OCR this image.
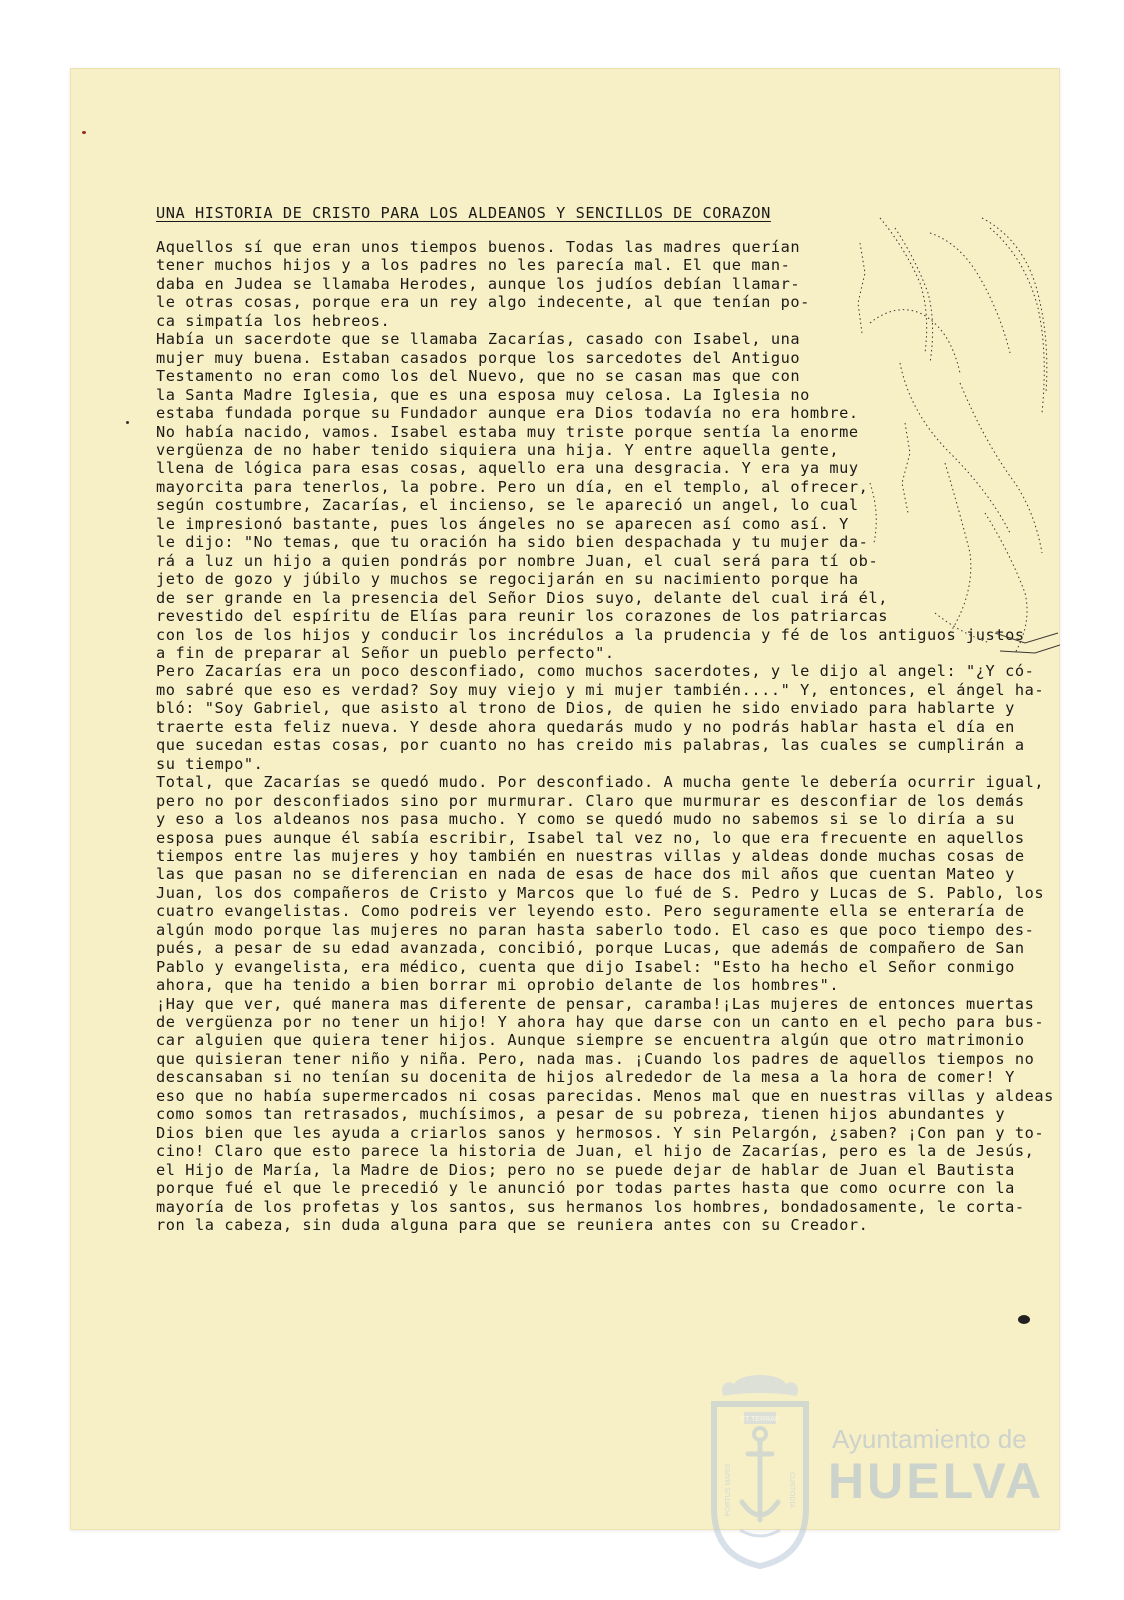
UNA HISTORIA DE CRISTO PARA LOS ALDEANOS Y SENCILLOS DE CORAZON
Aquellos sí que eran unos tiempos buenos. Todas las madres querían
tener muchos hijos y a los padres no les parecía mal. El que man-
daba en Judea se llamaba Herodes, aunque los judíos debían llamar-
le otras cosas, porque era un rey algo indecente, al que tenían po-
ca simpatía los hebreos.
Había un sacerdote que se llamaba Zacarías, casado con Isabel, una
mujer muy buena. Estaban casados porque los sarcedotes del Antiguo
Testamento no eran como los del Nuevo, que no se casan mas que con
la Santa Madre Iglesia, que es una esposa muy celosa. La Iglesia no
estaba fundada porque su Fundador aunque era Dios todavía no era hombre.
No había nacido, vamos. Isabel estaba muy triste porque sentía la enorme
vergüenza de no haber tenido siquiera una hija. Y entre aquella gente,
llena de lógica para esas cosas, aquello era una desgracia. Y era ya muy
mayorcita para tenerlos, la pobre. Pero un día, en el templo, al ofrecer,
según costumbre, Zacarías, el incienso, se le apareció un angel, lo cual
le impresionó bastante, pues los ángeles no se aparecen así como así. Y
le dijo: "No temas, que tu oración ha sido bien despachada y tu mujer da-
rá a luz un hijo a quien pondrás por nombre Juan, el cual será para tí ob-
jeto de gozo y júbilo y muchos se regocijarán en su nacimiento porque ha
de ser grande en la presencia del Señor Dios suyo, delante del cual irá él,
revestido del espíritu de Elías para reunir los corazones de los patriarcas
con los de los hijos y conducir los incrédulos a la prudencia y fé de los antiguos justos
a fin de preparar al Señor un pueblo perfecto".
Pero Zacarías era un poco desconfiado, como muchos sacerdotes, y le dijo al angel: "¿Y có-
mo sabré que eso es verdad? Soy muy viejo y mi mujer también...." Y, entonces, el ángel ha-
bló: "Soy Gabriel, que asisto al trono de Dios, de quien he sido enviado para hablarte y
traerte esta feliz nueva. Y desde ahora quedarás mudo y no podrás hablar hasta el día en
que sucedan estas cosas, por cuanto no has creido mis palabras, las cuales se cumplirán a
su tiempo".
Total, que Zacarías se quedó mudo. Por desconfiado. A mucha gente le debería ocurrir igual,
pero no por desconfiados sino por murmurar. Claro que murmurar es desconfiar de los demás
y eso a los aldeanos nos pasa mucho. Y como se quedó mudo no sabemos si se lo diría a su
esposa pues aunque él sabía escribir, Isabel tal vez no, lo que era frecuente en aquellos
tiempos entre las mujeres y hoy también en nuestras villas y aldeas donde muchas cosas de
las que pasan no se diferencian en nada de esas de hace dos mil años que cuentan Mateo y
Juan, los dos compañeros de Cristo y Marcos que lo fué de S. Pedro y Lucas de S. Pablo, los
cuatro evangelistas. Como podreis ver leyendo esto. Pero seguramente ella se enteraría de
algún modo porque las mujeres no paran hasta saberlo todo. El caso es que poco tiempo des-
pués, a pesar de su edad avanzada, concibió, porque Lucas, que además de compañero de San
Pablo y evangelista, era médico, cuenta que dijo Isabel: "Esto ha hecho el Señor conmigo
ahora, que ha tenido a bien borrar mi oprobio delante de los hombres".
¡Hay que ver, qué manera mas diferente de pensar, caramba!¡Las mujeres de entonces muertas
de vergüenza por no tener un hijo! Y ahora hay que darse con un canto en el pecho para bus-
car alguien que quiera tener hijos. Aunque siempre se encuentra algún que otro matrimonio
que quisieran tener niño y niña. Pero, nada mas. ¡Cuando los padres de aquellos tiempos no
descansaban si no tenían su docenita de hijos alrededor de la mesa a la hora de comer! Y
eso que no había supermercados ni cosas parecidas. Menos mal que en nuestras villas y aldeas
como somos tan retrasados, muchísimos, a pesar de su pobreza, tienen hijos abundantes y
Dios bien que les ayuda a criarlos sanos y hermosos. Y sin Pelargón, ¿saben? ¡Con pan y to-
cino! Claro que esto parece la historia de Juan, el hijo de Zacarías, pero es la de Jesús,
el Hijo de María, la Madre de Dios; pero no se puede dejar de hablar de Juan el Bautista
porque fué el que le precedió y le anunció por todas partes hasta que como ocurre con la
mayoría de los profetas y los santos, sus hermanos los hombres, bondadosamente, le corta-
ron la cabeza, sin duda alguna para que se reuniera antes con su Creador.
ET TERRAE
PORTUS MARIS	CUSTODIA
Ayuntamiento de
HUELVA
